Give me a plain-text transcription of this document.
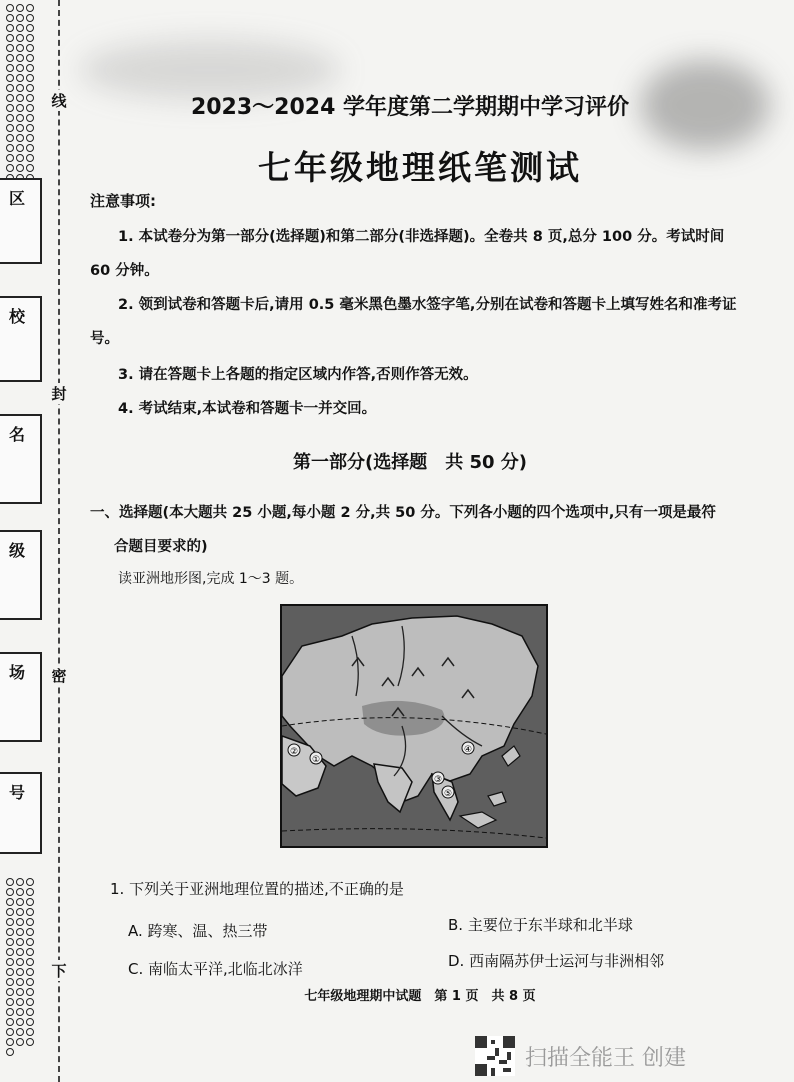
区
校
名
级
场
号
线
封
密
下
2023～2024 学年度第二学期期中学习评价
七年级地理纸笔测试
注意事项:
1. 本试卷分为第一部分(选择题)和第二部分(非选择题)。全卷共 8 页,总分 100 分。考试时间 60 分钟。
2. 领到试卷和答题卡后,请用 0.5 毫米黑色墨水签字笔,分别在试卷和答题卡上填写姓名和准考证号。
3. 请在答题卡上各题的指定区域内作答,否则作答无效。
4. 考试结束,本试卷和答题卡一并交回。
第一部分(选择题　共 50 分)
一、选择题(本大题共 25 小题,每小题 2 分,共 50 分。下列各小题的四个选项中,只有一项是最符
合题目要求的)
读亚洲地形图,完成 1～3 题。
①
②
③
④
⑤
1. 下列关于亚洲地理位置的描述,不正确的是
A. 跨寒、温、热三带	B. 主要位于东半球和北半球
C. 南临太平洋,北临北冰洋	D. 西南隔苏伊士运河与非洲相邻
七年级地理期中试题　第 1 页　共 8 页
扫描全能王 创建
